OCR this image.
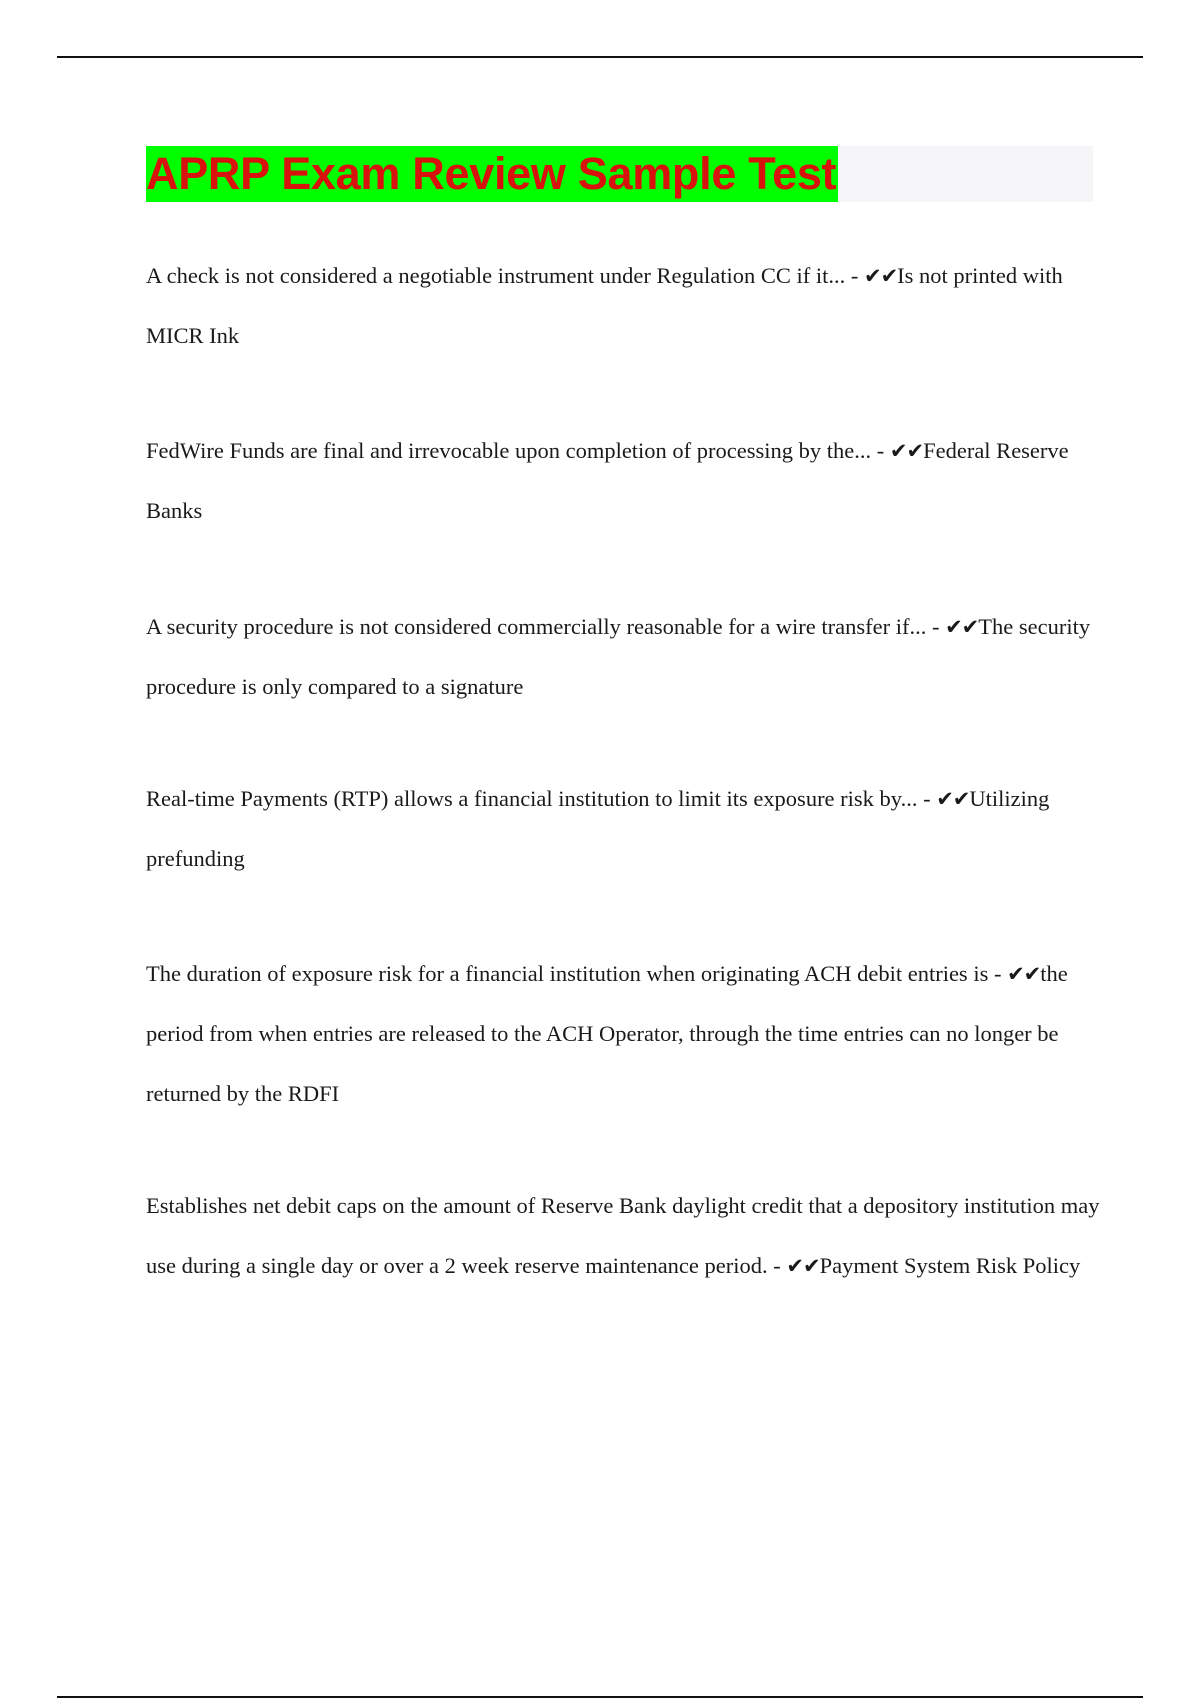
APRP Exam Review Sample Test

A check is not considered a negotiable instrument under Regulation CC if it... - ✔✔Is not printed with MICR Ink

FedWire Funds are final and irrevocable upon completion of processing by the... - ✔✔Federal Reserve Banks

A security procedure is not considered commercially reasonable for a wire transfer if... - ✔✔The security procedure is only compared to a signature

Real-time Payments (RTP) allows a financial institution to limit its exposure risk by... - ✔✔Utilizing prefunding

The duration of exposure risk for a financial institution when originating ACH debit entries is - ✔✔the period from when entries are released to the ACH Operator, through the time entries can no longer be returned by the RDFI

Establishes net debit caps on the amount of Reserve Bank daylight credit that a depository institution may use during a single day or over a 2 week reserve maintenance period. - ✔✔Payment System Risk Policy
